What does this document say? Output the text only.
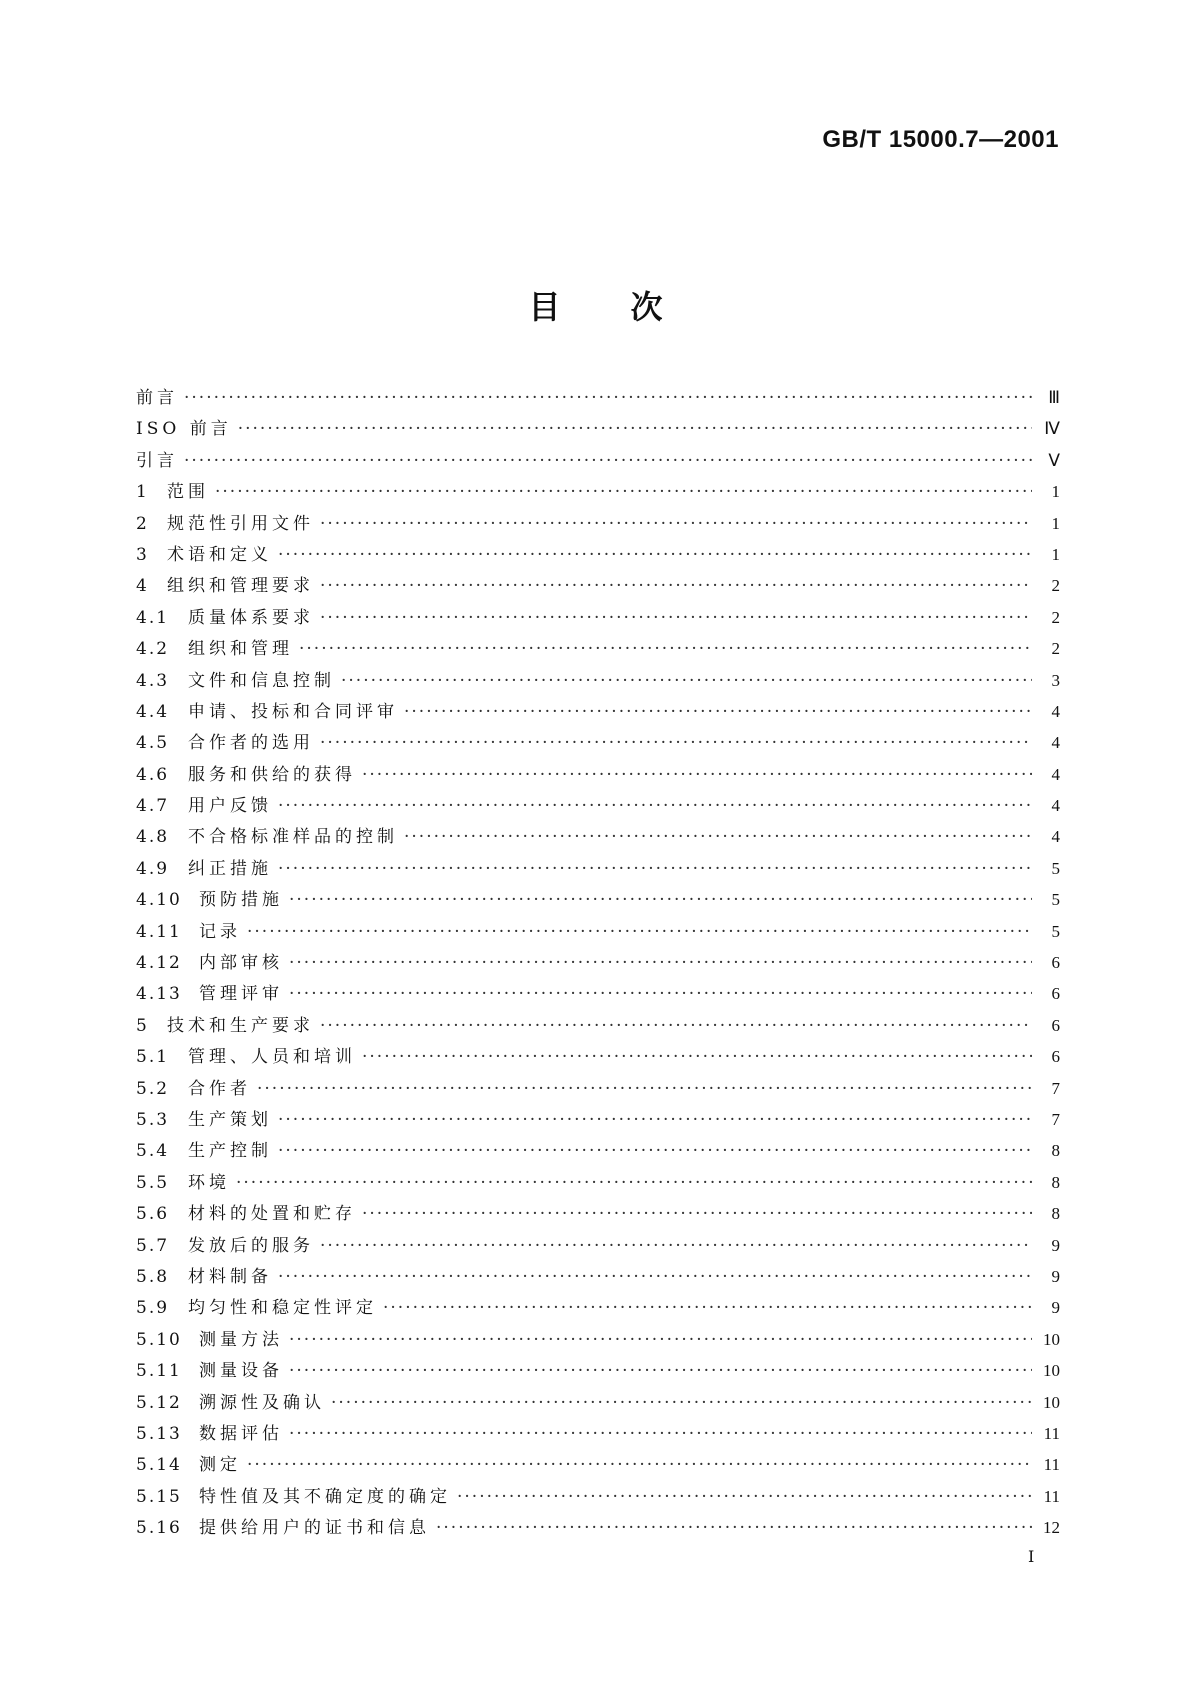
GB/T 15000.7—2001
目 次
前言 ·····	Ⅲ
ISO 前言 ·····	Ⅳ
引言 ·····	Ⅴ
1	范围 ·····	1
2	规范性引用文件 ·····	1
3	术语和定义 ·····	1
4	组织和管理要求 ·····	2
4.1	质量体系要求 ·····	2
4.2	组织和管理 ·····	2
4.3	文件和信息控制 ·····	3
4.4	申请、投标和合同评审 ·····	4
4.5	合作者的选用 ·····	4
4.6	服务和供给的获得 ·····	4
4.7	用户反馈 ·····	4
4.8	不合格标准样品的控制 ·····	4
4.9	纠正措施 ·····	5
4.10	预防措施 ·····	5
4.11	记录 ·····	5
4.12	内部审核 ·····	6
4.13	管理评审 ·····	6
5	技术和生产要求 ·····	6
5.1	管理、人员和培训 ·····	6
5.2	合作者 ·····	7
5.3	生产策划 ·····	7
5.4	生产控制 ·····	8
5.5	环境 ·····	8
5.6	材料的处置和贮存 ·····	8
5.7	发放后的服务 ·····	9
5.8	材料制备 ·····	9
5.9	均匀性和稳定性评定 ·····	9
5.10	测量方法 ·····	10
5.11	测量设备 ·····	10
5.12	溯源性及确认 ·····	10
5.13	数据评估 ·····	11
5.14	测定 ·····	11
5.15	特性值及其不确定度的确定 ·····	11
5.16	提供给用户的证书和信息 ·····	12
I
